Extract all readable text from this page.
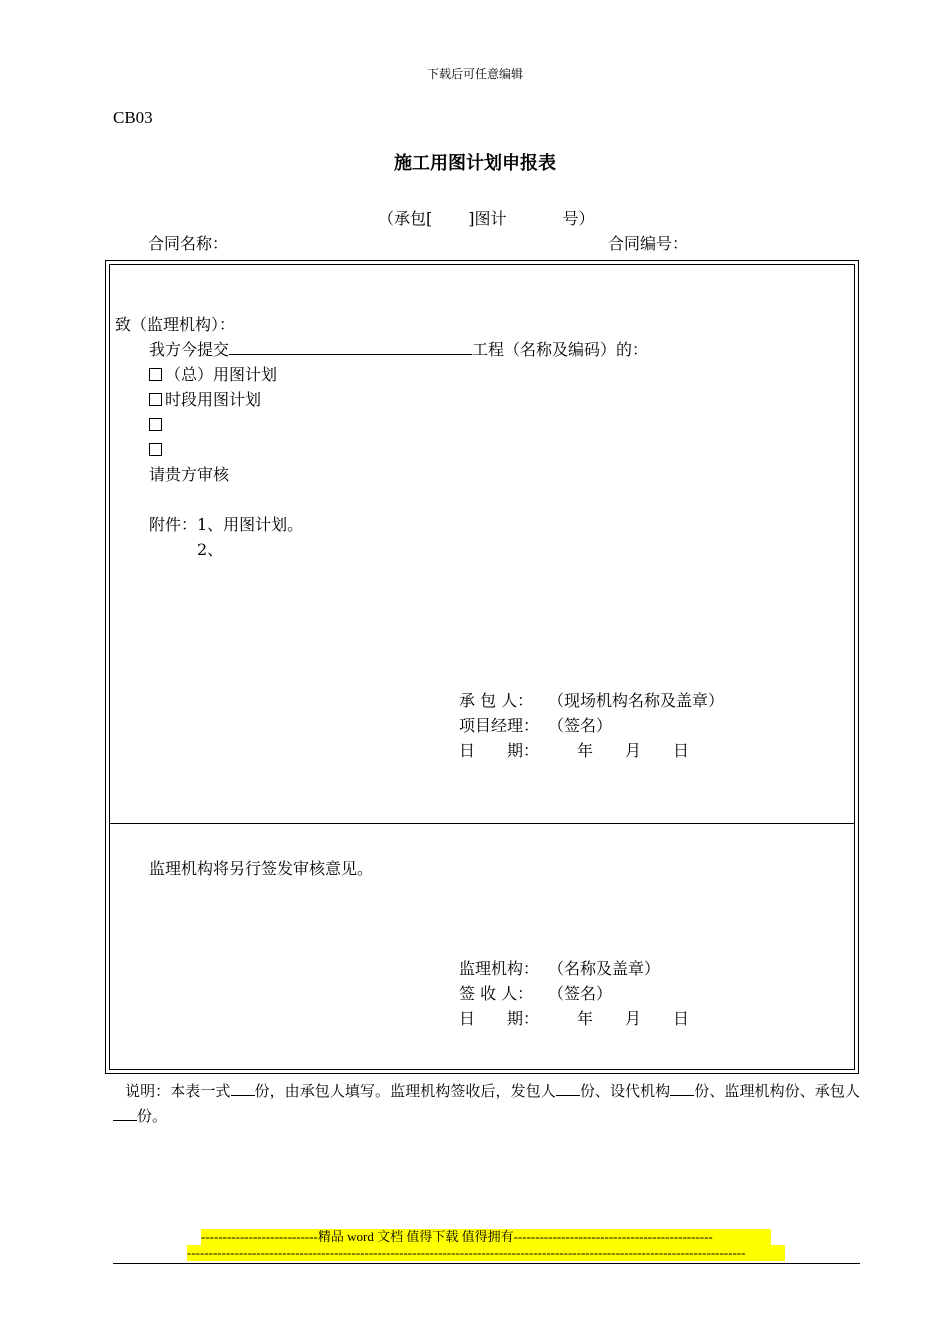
下载后可任意编辑
CB03
施工用图计划申报表
（承包[ ]图计	号）
合同名称：	合同编号：
致（监理机构）：
我方今提交	工程（名称及编码）的：
（总）用图计划
时段用图计划
请贵方审核
附件： 1、用图计划。
2、
承 包 人： （现场机构名称及盖章）
项目经理： （签名）
日　　期： 年　　月　　日
监理机构将另行签发审核意见。
监理机构： （名称及盖章）
签 收 人： （签名）
日　　期： 年　　月　　日
说明：本表一式 份，由承包人填写。监理机构签收后，发包人 份、设代机构 份、监理机构份、承包人份。
---------------------------精品 word 文档 值得下载 值得拥有----------------------------------------------
---------------------------------------------------------------------------------------------------------------------------------
